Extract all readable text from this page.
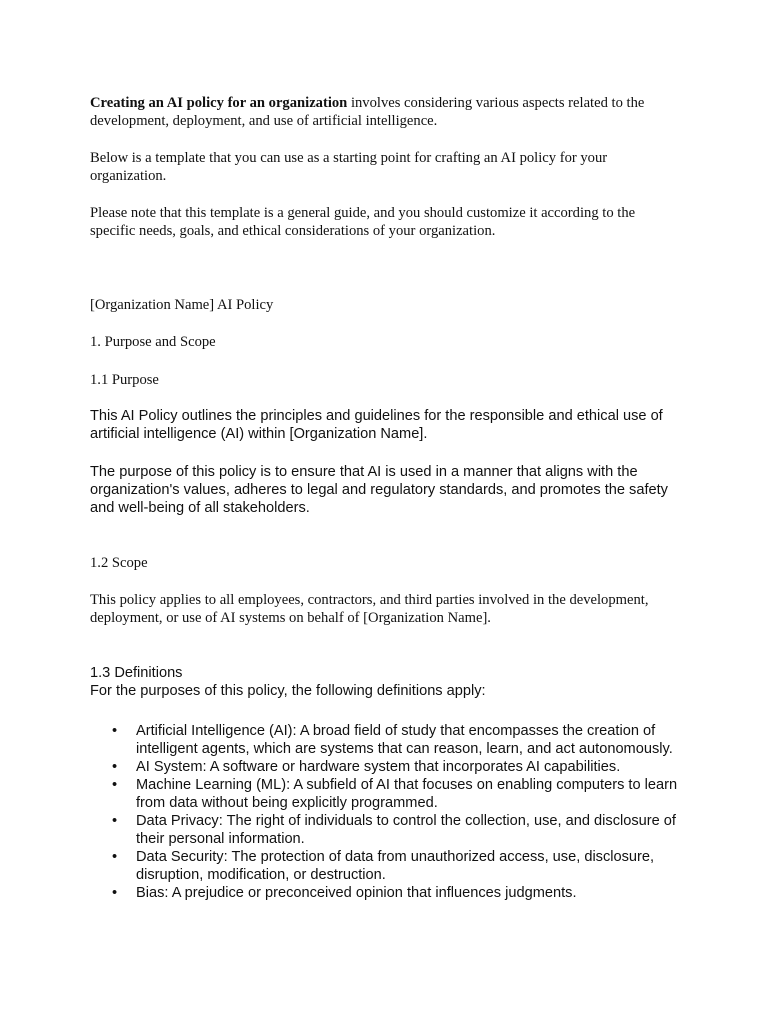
Creating an AI policy for an organization involves considering various aspects related to the development, deployment, and use of artificial intelligence.

Below is a template that you can use as a starting point for crafting an AI policy for your organization.

Please note that this template is a general guide, and you should customize it according to the specific needs, goals, and ethical considerations of your organization.

[Organization Name] AI Policy

1. Purpose and Scope

1.1 Purpose

This AI Policy outlines the principles and guidelines for the responsible and ethical use of artificial intelligence (AI) within [Organization Name].

The purpose of this policy is to ensure that AI is used in a manner that aligns with the organization's values, adheres to legal and regulatory standards, and promotes the safety and well-being of all stakeholders.

1.2 Scope

This policy applies to all employees, contractors, and third parties involved in the development, deployment, or use of AI systems on behalf of [Organization Name].

1.3 Definitions

For the purposes of this policy, the following definitions apply:

• Artificial Intelligence (AI): A broad field of study that encompasses the creation of intelligent agents, which are systems that can reason, learn, and act autonomously.
• AI System: A software or hardware system that incorporates AI capabilities.
• Machine Learning (ML): A subfield of AI that focuses on enabling computers to learn from data without being explicitly programmed.
• Data Privacy: The right of individuals to control the collection, use, and disclosure of their personal information.
• Data Security: The protection of data from unauthorized access, use, disclosure, disruption, modification, or destruction.
• Bias: A prejudice or preconceived opinion that influences judgments.
